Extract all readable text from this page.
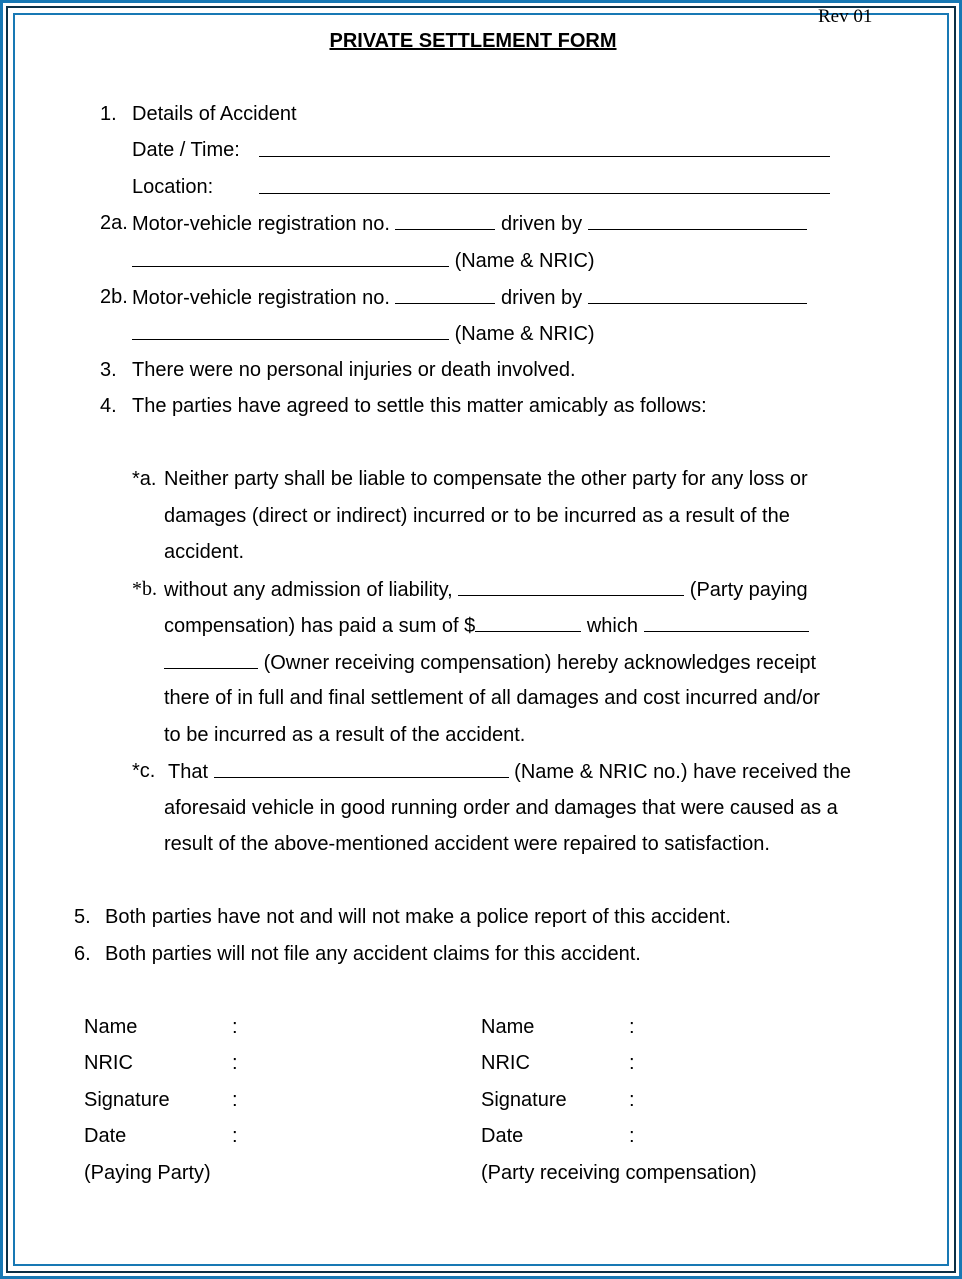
Rev 01
PRIVATE SETTLEMENT FORM
1. Details of Accident
Date / Time:
Location:
2a. Motor-vehicle registration no.	driven by
(Name & NRIC)
2b. Motor-vehicle registration no.	driven by
(Name & NRIC)
3. There were no personal injuries or death involved.
4. The parties have agreed to settle this matter amicably as follows:
*a. Neither party shall be liable to compensate the other party for any loss or
damages (direct or indirect) incurred or to be incurred as a result of the
accident.
*b. without any admission of liability,	(Party paying
compensation) has paid a sum of $	which
(Owner receiving compensation) hereby acknowledges receipt
there of in full and final settlement of all damages and cost incurred and/or
to be incurred as a result of the accident.
*c. That	(Name & NRIC no.) have received the
aforesaid vehicle in good running order and damages that were caused as a
result of the above-mentioned accident were repaired to satisfaction.
5. Both parties have not and will not make a police report of this accident.
6. Both parties will not file any accident claims for this accident.
Name	:
NRIC	:
Signature	:
Date	:
(Paying Party)
Name	:
NRIC	:
Signature	:
Date	:
(Party receiving compensation)
